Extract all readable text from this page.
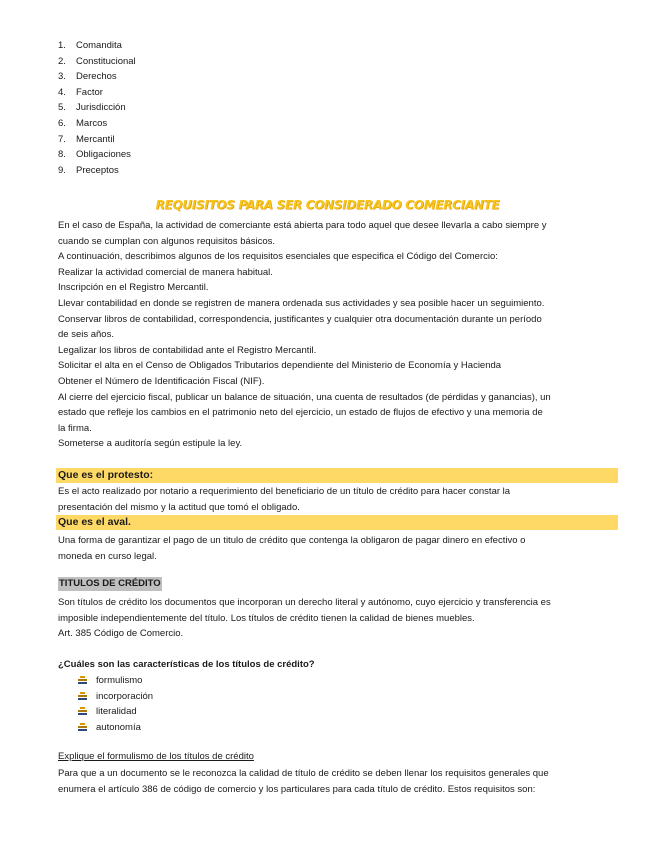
1. Comandita
2. Constitucional
3. Derechos
4. Factor
5. Jurisdicción
6. Marcos
7. Mercantil
8. Obligaciones
9. Preceptos
REQUISITOS PARA SER CONSIDERADO COMERCIANTE

En el caso de España, la actividad de comerciante está abierta para todo aquel que desee llevarla a cabo siempre y

cuando se cumplan con algunos requisitos básicos.

A continuación, describimos algunos de los requisitos esenciales que especifica el Código del Comercio:

Realizar la actividad comercial de manera habitual.

Inscripción en el Registro Mercantil.

Llevar contabilidad en donde se registren de manera ordenada sus actividades y sea posible hacer un seguimiento.

Conservar libros de contabilidad, correspondencia, justificantes y cualquier otra documentación durante un período

de seis años.

Legalizar los libros de contabilidad ante el Registro Mercantil.

Solicitar el alta en el Censo de Obligados Tributarios dependiente del Ministerio de Economía y Hacienda

Obtener el Número de Identificación Fiscal (NIF).

Al cierre del ejercicio fiscal, publicar un balance de situación, una cuenta de resultados (de pérdidas y ganancias), un

estado que refleje los cambios en el patrimonio neto del ejercicio, un estado de flujos de efectivo y una memoria de

la firma.

Someterse a auditoría según estipule la ley.

Que es el protesto:

Es el acto realizado por notario a requerimiento del beneficiario de un título de crédito para hacer constar la

presentación del mismo y la actitud que tomó el obligado.

Que es el aval.

Una forma de garantizar el pago de un titulo de crédito que contenga la obligaron de pagar dinero en efectivo o

moneda en curso legal.

TITULOS DE CRÉDITO

Son títulos de crédito los documentos que incorporan un derecho literal y autónomo, cuyo ejercicio y transferencia es

imposible independientemente del título. Los títulos de crédito tienen la calidad de bienes muebles.

Art. 385 Código de Comercio.

¿Cuáles son las características de los títulos de crédito?
formulismo
incorporación
literalidad
autonomía
Explique el formulismo de los títulos de crédito

Para que a un documento se le reconozca la calidad de título de crédito se deben llenar los requisitos generales que

enumera el artículo 386 de código de comercio y los particulares para cada título de crédito. Estos requisitos son:
